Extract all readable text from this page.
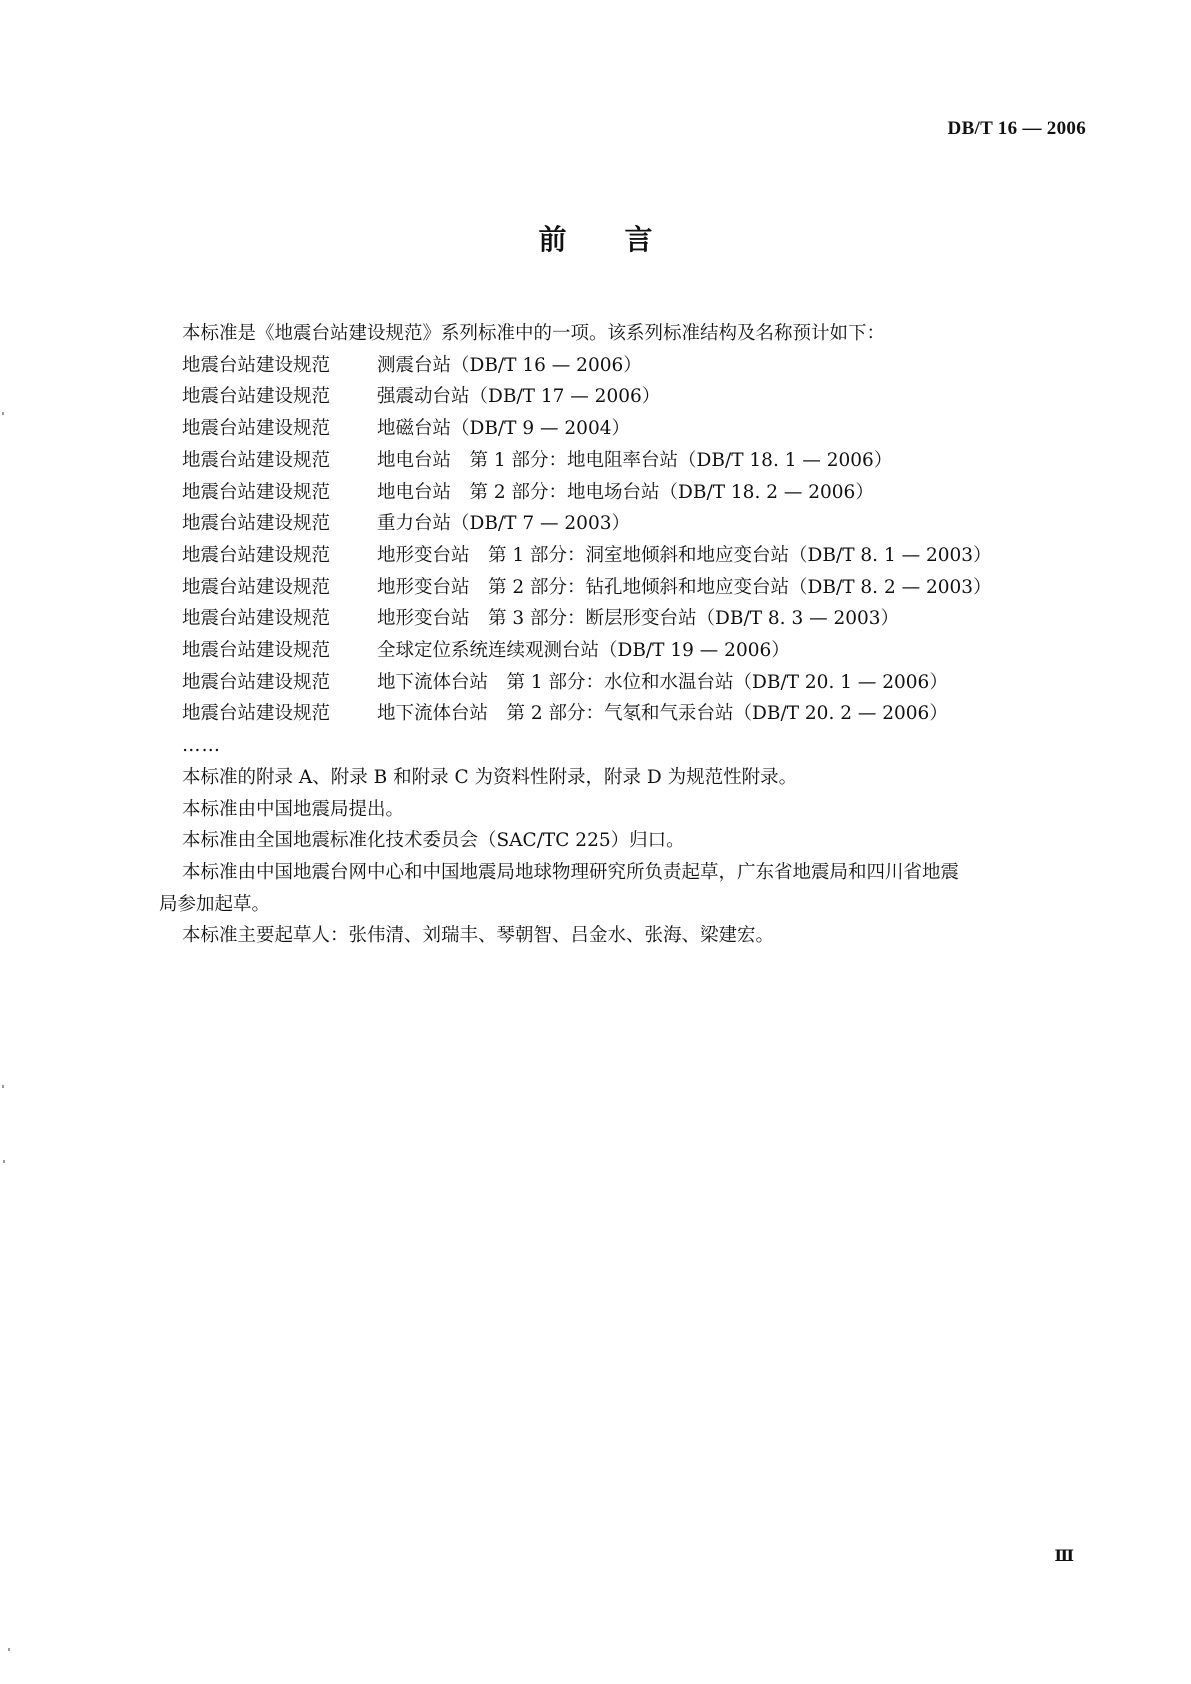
DB/T 16 — 2006
前 言
本标准是《地震台站建设规范》系列标准中的一项。该系列标准结构及名称预计如下：
地震台站建设规范	测震台站（DB/T 16 — 2006）
地震台站建设规范	强震动台站（DB/T 17 — 2006）
地震台站建设规范	地磁台站（DB/T 9 — 2004）
地震台站建设规范	地电台站　第 1 部分：地电阻率台站（DB/T 18. 1 — 2006）
地震台站建设规范	地电台站　第 2 部分：地电场台站（DB/T 18. 2 — 2006）
地震台站建设规范	重力台站（DB/T 7 — 2003）
地震台站建设规范	地形变台站　第 1 部分：洞室地倾斜和地应变台站（DB/T 8. 1 — 2003）
地震台站建设规范	地形变台站　第 2 部分：钻孔地倾斜和地应变台站（DB/T 8. 2 — 2003）
地震台站建设规范	地形变台站　第 3 部分：断层形变台站（DB/T 8. 3 — 2003）
地震台站建设规范	全球定位系统连续观测台站（DB/T 19 — 2006）
地震台站建设规范	地下流体台站　第 1 部分：水位和水温台站（DB/T 20. 1 — 2006）
地震台站建设规范	地下流体台站　第 2 部分：气氡和气汞台站（DB/T 20. 2 — 2006）
……
本标准的附录 A、附录 B 和附录 C 为资料性附录，附录 D 为规范性附录。
本标准由中国地震局提出。
本标准由全国地震标准化技术委员会（SAC/TC 225）归口。
本标准由中国地震台网中心和中国地震局地球物理研究所负责起草，广东省地震局和四川省地震
局参加起草。
本标准主要起草人：张伟清、刘瑞丰、琴朝智、吕金水、张海、梁建宏。
Ⅲ
